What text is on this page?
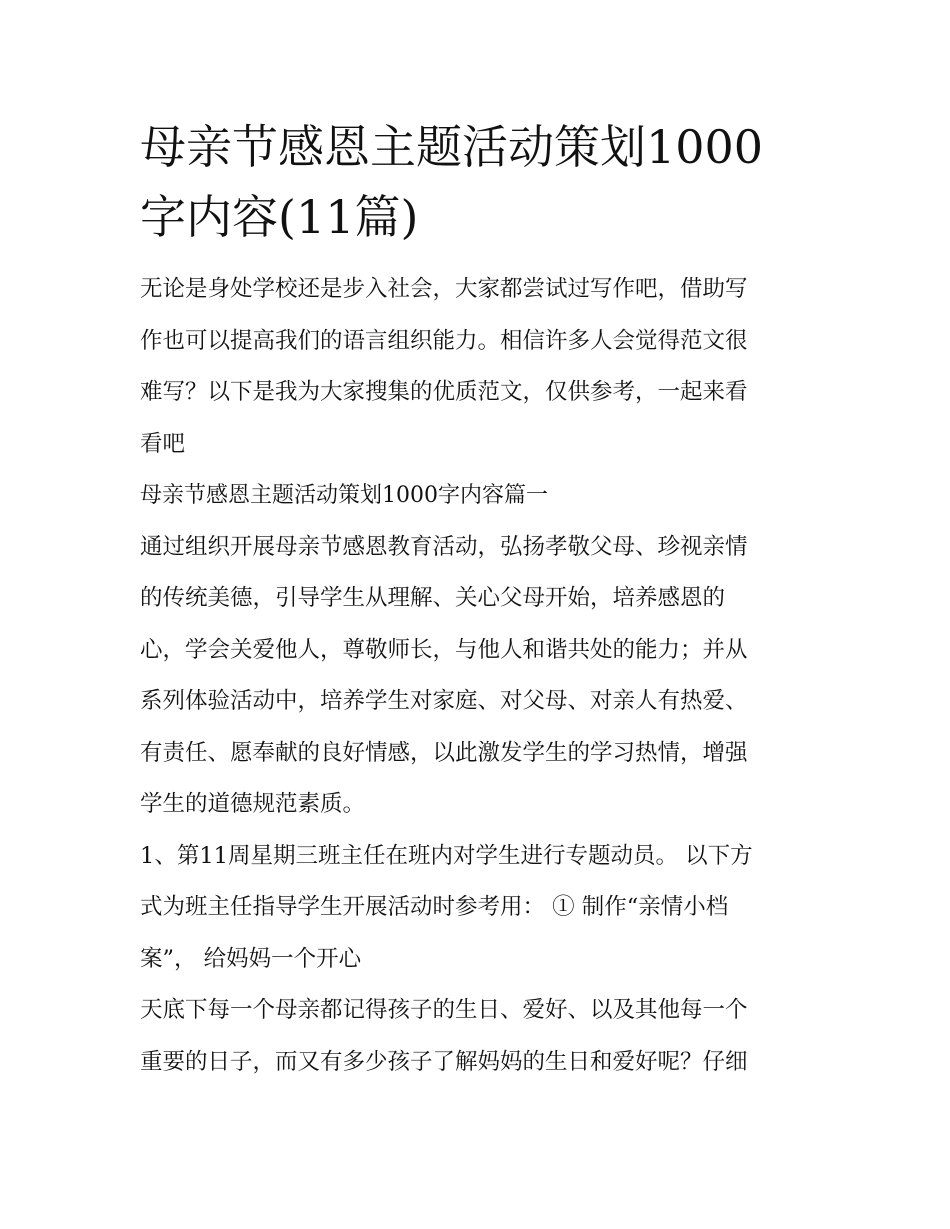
母亲节感恩主题活动策划1000
字内容(11篇)

无论是身处学校还是步入社会，大家都尝试过写作吧，借助写
作也可以提高我们的语言组织能力。相信许多人会觉得范文很
难写？以下是我为大家搜集的优质范文，仅供参考，一起来看
看吧

母亲节感恩主题活动策划1000字内容篇一

通过组织开展母亲节感恩教育活动，弘扬孝敬父母、珍视亲情
的传统美德，引导学生从理解、关心父母开始，培养感恩的
心，学会关爱他人，尊敬师长，与他人和谐共处的能力；并从
系列体验活动中，培养学生对家庭、对父母、对亲人有热爱、
有责任、愿奉献的良好情感，以此激发学生的学习热情，增强
学生的道德规范素质。

1、第11周星期三班主任在班内对学生进行专题动员。 以下方
式为班主任指导学生开展活动时参考用： ① 制作“亲情小档
案”， 给妈妈一个开心

天底下每一个母亲都记得孩子的生日、爱好、以及其他每一个
重要的日子，而又有多少孩子了解妈妈的生日和爱好呢？仔细
